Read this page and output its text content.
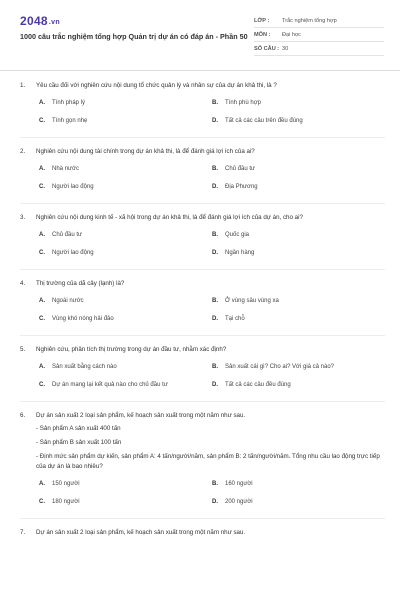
2048.vn
1000 câu trắc nghiệm tổng hợp Quản trị dự án có đáp án - Phần 50
LỚP :	Trắc nghiệm tổng hợp
MÔN :	Đại học
SỐ CÂU : 30
1.	Yêu cầu đối với nghiên cứu nội dung tổ chức quản lý và nhân sự của dự án khả thi, là ?
A.	Tính pháp lý	B.	Tính phù hợp
C.	Tính gọn nhẹ	D.	Tất cả các câu trên đều đúng
2.	Nghiên cứu nội dung tài chính trong dự án khả thi, là để đánh giá lợi ích của ai?
A.	Nhà nước	B.	Chủ đầu tư
C.	Người lao động	D.	Địa Phương
3.	Nghiên cứu nội dung kinh tế - xã hội trong dự án khả thi, là để đánh giá lợi ích của dự án, cho ai?
A.	Chủ đầu tư	B.	Quốc gia
C.	Người lao động	D.	Ngân hàng
4.	Thị trường của dã cây (lạnh) là?
A.	Ngoài nước	B.	Ở vùng sâu vùng xa
C.	Vùng khó nóng hải đảo	D.	Tại chỗ
5.	Nghiên cứu, phân tích thị trường trong dự án đầu tư, nhằm xác định?
A.	Sản xuất bằng cách nào	B.	Sản xuất cái gì? Cho ai? Với giá cả nào?
C.	Dự án mang lại kết quả nào cho chủ đầu tư	D.	Tất cả các câu đều đúng
6.	Dự án sản xuất 2 loại sản phẩm, kế hoạch sản xuất trong một năm như sau.

- Sản phẩm A sản xuất 400 tấn

- Sản phẩm B sản xuất 100 tấn

- Định mức sản phẩm dự kiến, sản phẩm A: 4 tấn/người/năm, sản phẩm B: 2 tấn/người/năm. Tổng nhu cầu lao động trực tiếp của dự án là bao nhiêu?

A.	150 người	B.	160 người
C.	180 người	D.	200 người
7.	Dự án sản xuất 2 loại sản phẩm, kế hoạch sản xuất trong một năm như sau.
